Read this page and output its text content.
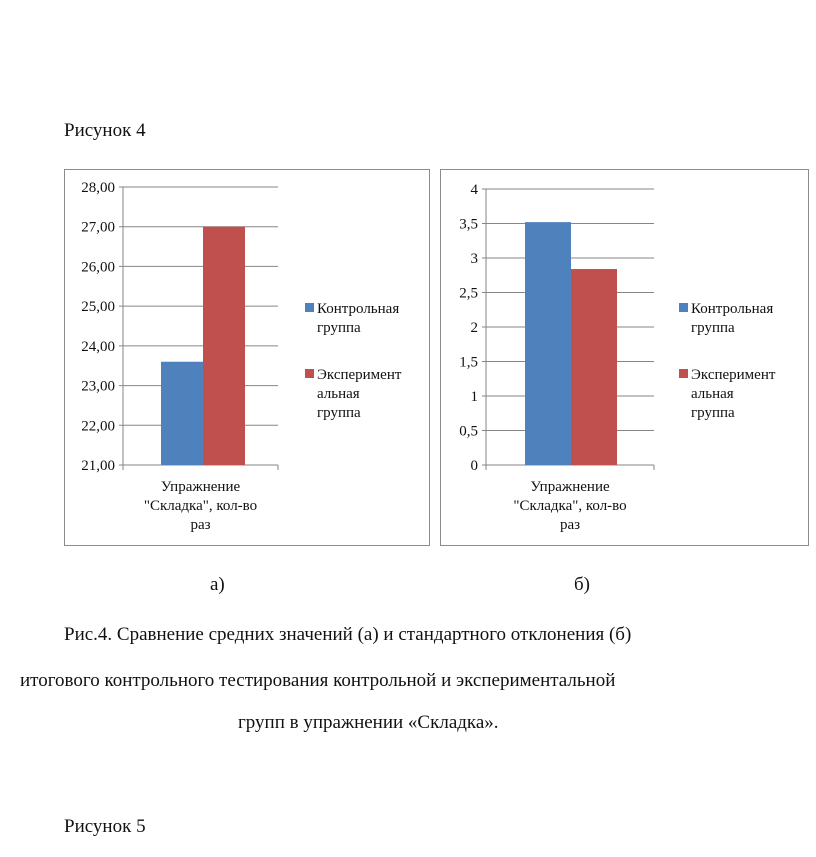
Рисунок 4
21,00
22,00
23,00
24,00
25,00
26,00
27,00
28,00
Упражнение
"Складка", кол-во
раз
Контрольная
группа
Эксперимент
альная
группа
0
0,5
1
1,5
2
2,5
3
3,5
4
Упражнение
"Складка", кол-во
раз
Контрольная
группа
Эксперимент
альная
группа
а)	б)

Рис.4. Сравнение средних значений (а) и стандартного отклонения (б)

итогового контрольного тестирования контрольной и экспериментальной

групп в упражнении «Складка».

Рисунок 5
